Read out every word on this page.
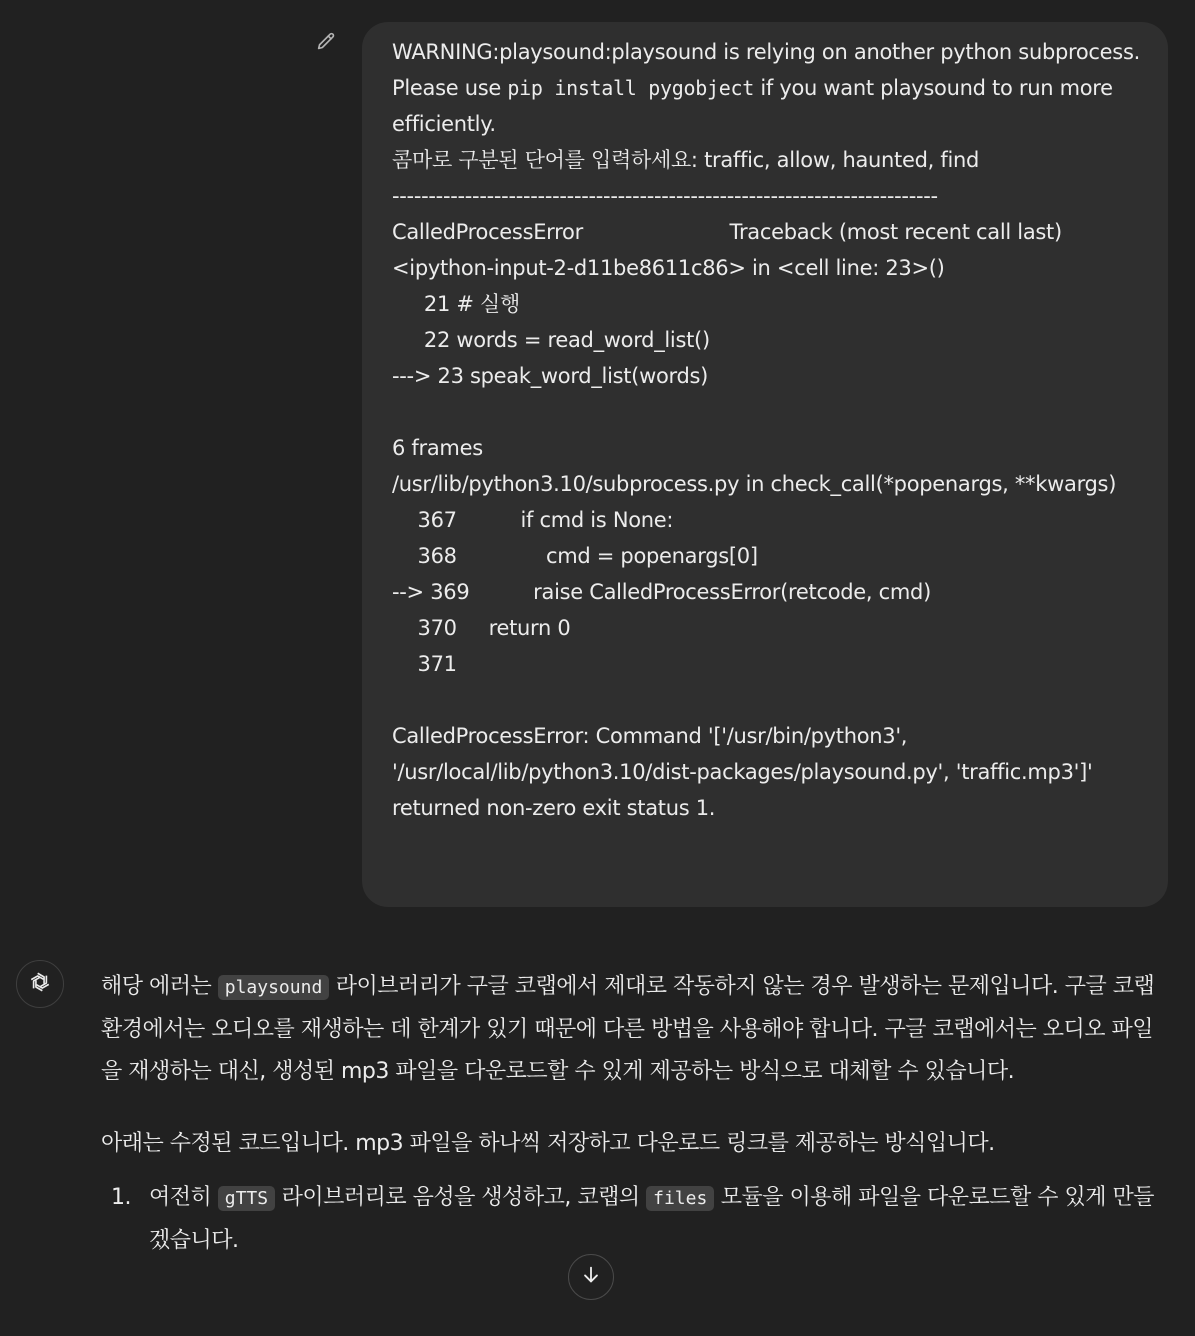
WARNING:playsound:playsound is relying on another python subprocess. Please use pip install pygobject if you want playsound to run more efficiently.
콤마로 구분된 단어를 입력하세요: traffic, allow, haunted, find
---------------------------------------------------------------------------
CalledProcessError                       Traceback (most recent call last)
<ipython-input-2-d11be8611c86> in <cell line: 23>()
21 # 실행
22 words = read_word_list()
---> 23 speak_word_list(words)

6 frames
/usr/lib/python3.10/subprocess.py in check_call(*popenargs, **kwargs)
367          if cmd is None:
368              cmd = popenargs[0]
--> 369          raise CalledProcessError(retcode, cmd)
370     return 0
371

CalledProcessError: Command '['/usr/bin/python3', '/usr/local/lib/python3.10/dist-packages/playsound.py', 'traffic.mp3']' returned non-zero exit status 1.

해당 에러는 playsound 라이브러리가 구글 코랩에서 제대로 작동하지 않는 경우 발생하는 문제입니다. 구글 코랩 환경에서는 오디오를 재생하는 데 한계가 있기 때문에 다른 방법을 사용해야 합니다. 구글 코랩에서는 오디오 파일을 재생하는 대신, 생성된 mp3 파일을 다운로드할 수 있게 제공하는 방식으로 대체할 수 있습니다.

아래는 수정된 코드입니다. mp3 파일을 하나씩 저장하고 다운로드 링크를 제공하는 방식입니다.

1. 여전히 gTTS 라이브러리로 음성을 생성하고, 코랩의 files 모듈을 이용해 파일을 다운로드할 수 있게 만들겠습니다.
